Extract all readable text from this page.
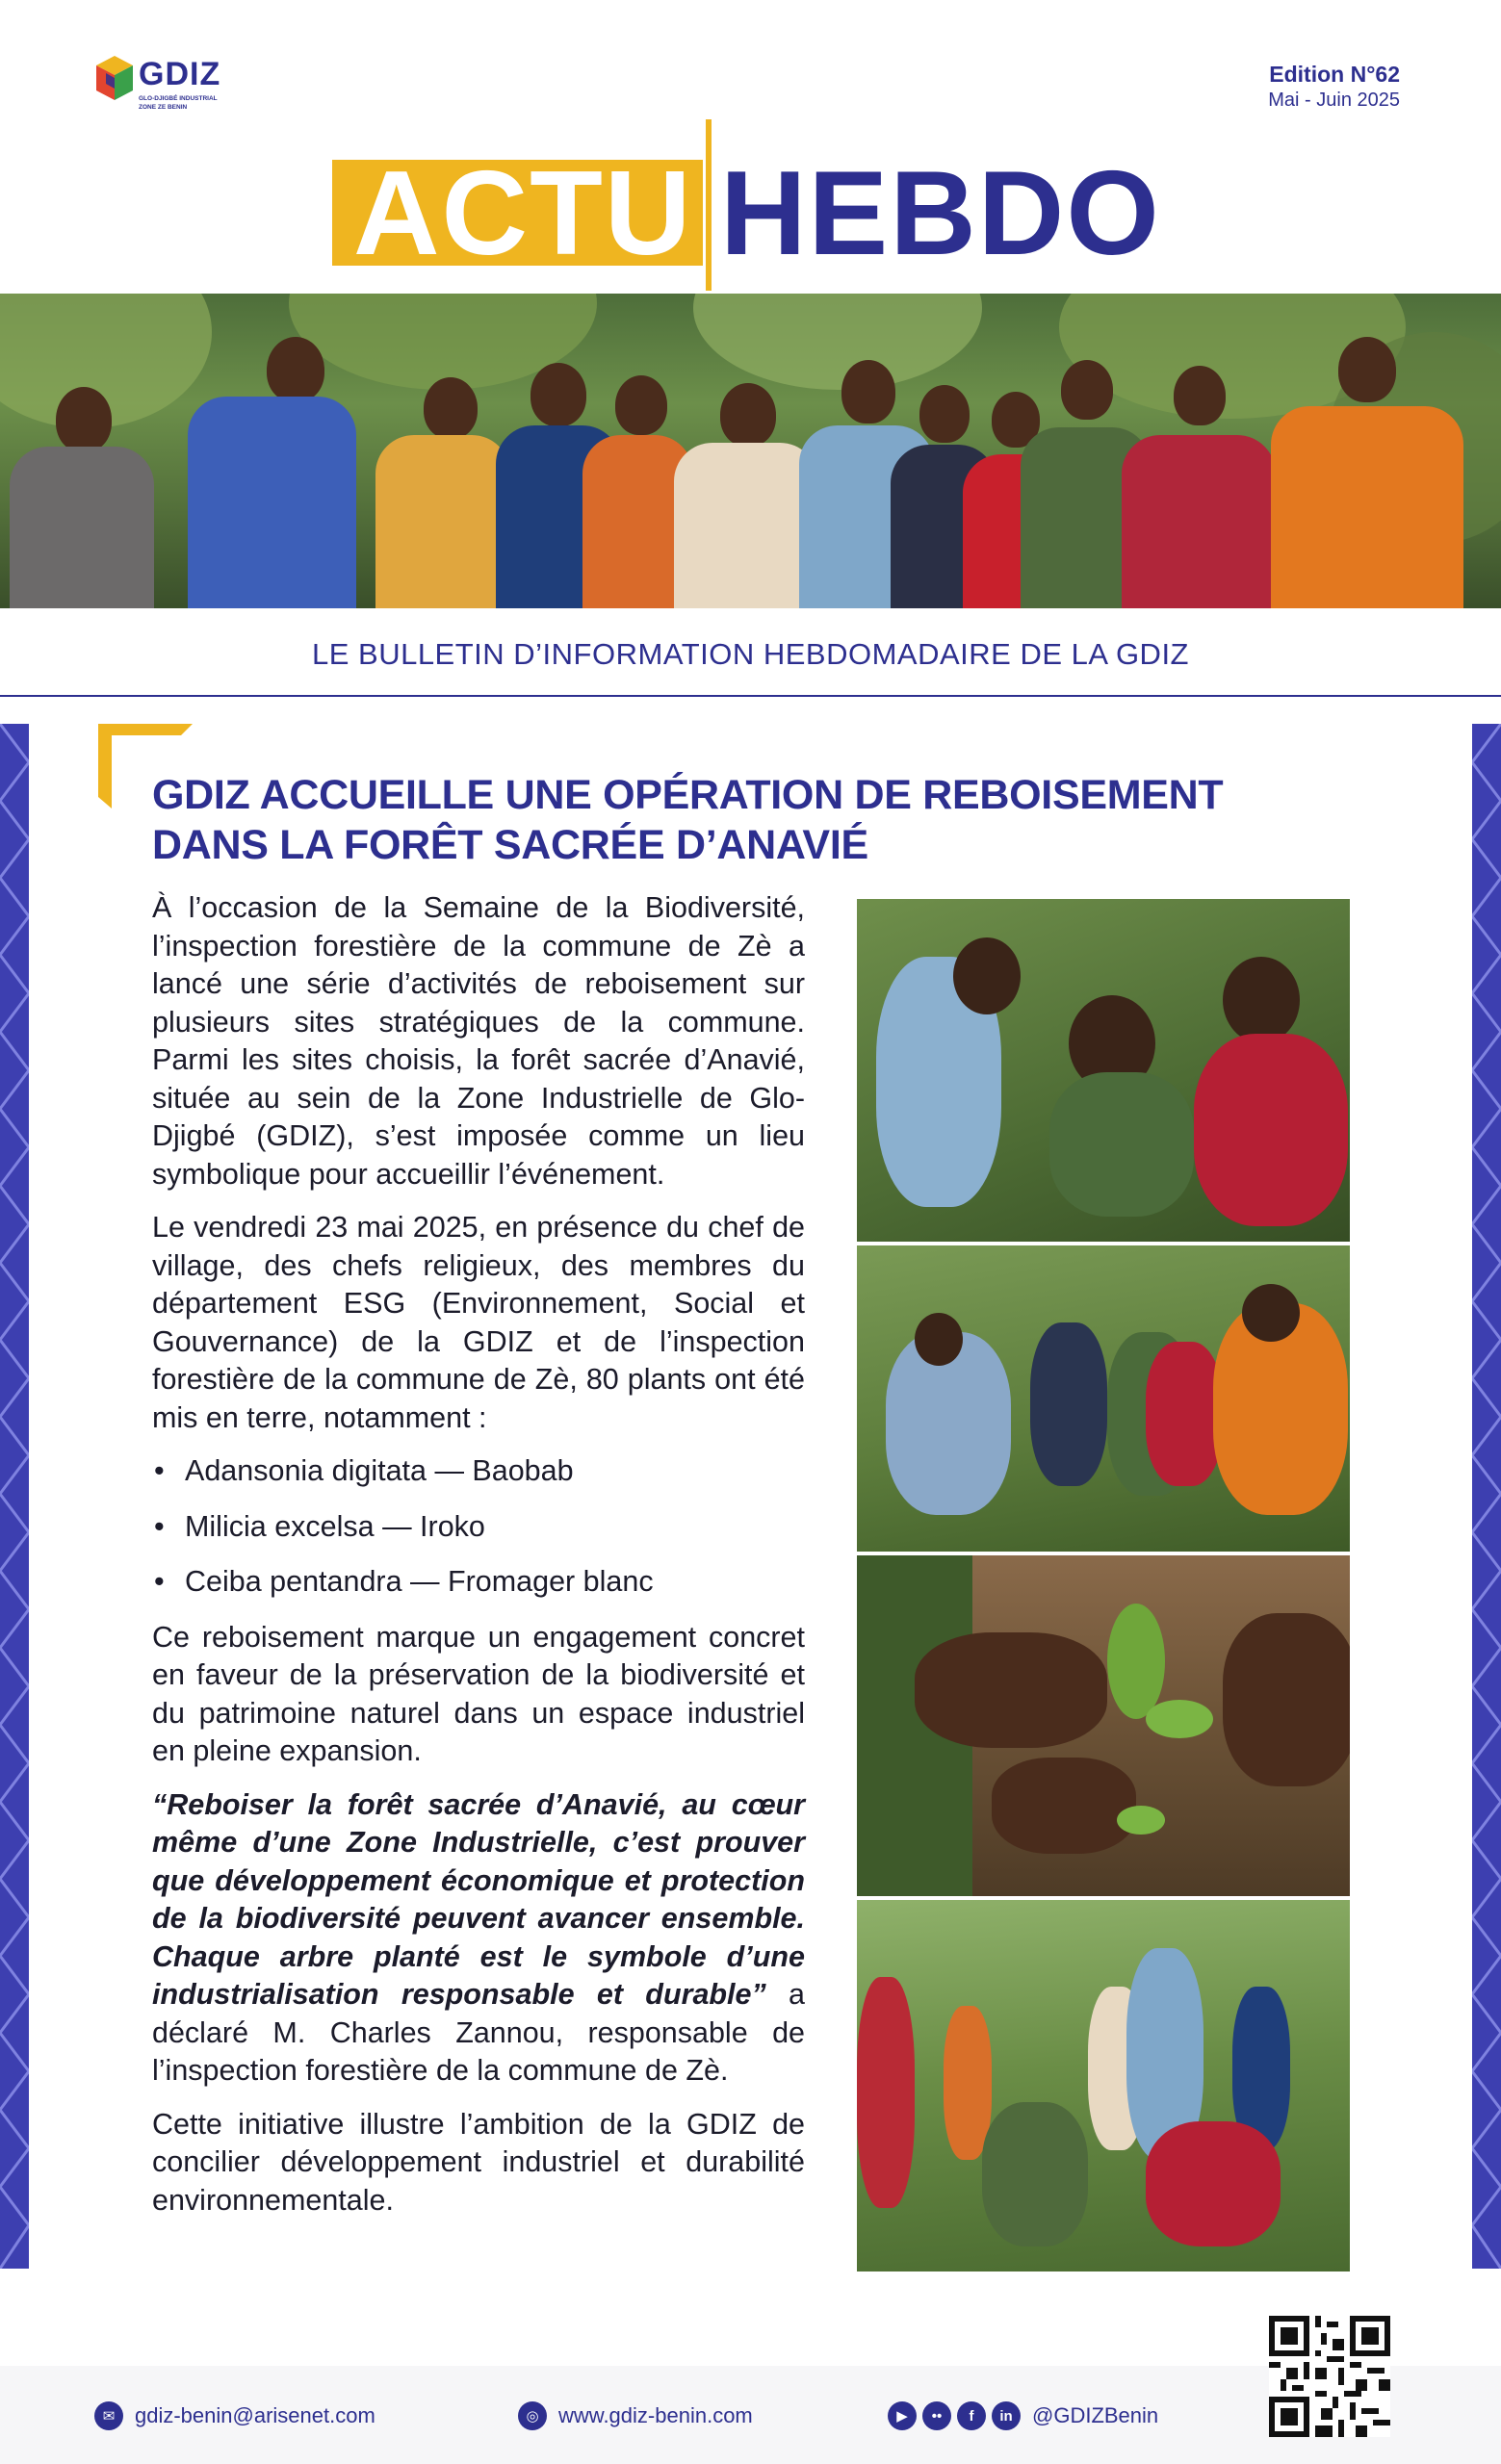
GDIZ
GLO-DJIGBÉ INDUSTRIAL ZONE ZE BENIN
Edition N°62
Mai - Juin 2025
ACTU HEBDO
LE BULLETIN D’INFORMATION HEBDOMADAIRE DE LA GDIZ
GDIZ ACCUEILLE UNE OPÉRATION DE REBOISEMENT
DANS LA FORÊT SACRÉE D’ANAVIÉ

À l’occasion de la Semaine de la Biodiversité, l’inspection forestière de la commune de Zè a lancé une série d’activités de reboisement sur plusieurs sites stratégiques de la commune. Parmi les sites choisis, la forêt sacrée d’Anavié, située au sein de la Zone Industrielle de Glo-Djigbé (GDIZ), s’est imposée comme un lieu symbolique pour accueillir l’événement.

Le vendredi 23 mai 2025, en présence du chef de village, des chefs religieux, des membres du département ESG (Environnement, Social et Gouvernance) de la GDIZ et de l’inspection forestière de la commune de Zè, 80 plants ont été mis en terre, notamment :

• Adansonia digitata — Baobab
• Milicia excelsa — Iroko
• Ceiba pentandra — Fromager blanc

Ce reboisement marque un engagement concret en faveur de la préservation de la biodiversité et du patrimoine naturel dans un espace industriel en pleine expansion.

“Reboiser la forêt sacrée d’Anavié, au cœur même d’une Zone Industrielle, c’est prouver que développement économique et protection de la biodiversité peuvent avancer ensemble. Chaque arbre planté est le symbole d’une industrialisation responsable et durable” a déclaré M. Charles Zannou, responsable de l’inspection forestière de la commune de Zè.

Cette initiative illustre l’ambition de la GDIZ de concilier développement industriel et durabilité environnementale.

✉ gdiz-benin@arisenet.com	◎ www.gdiz-benin.com	▶	••	f	in @GDIZBenin
